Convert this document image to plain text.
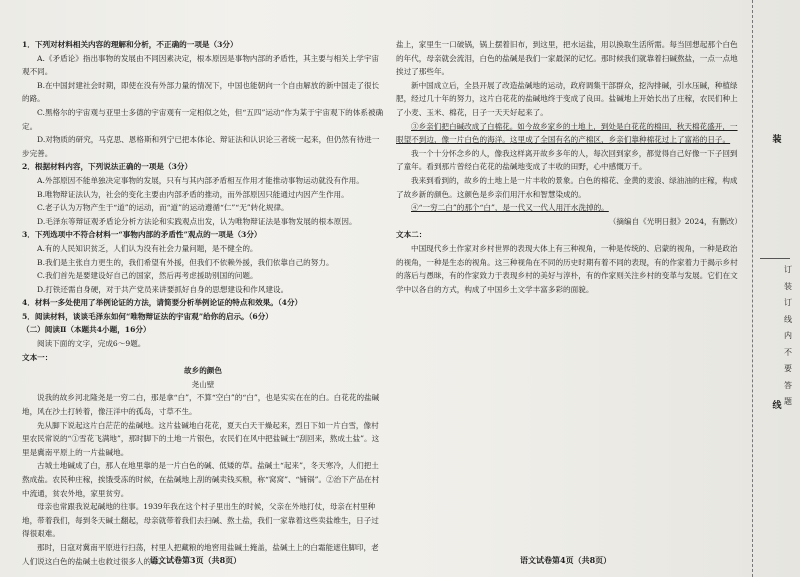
1．下列对材料相关内容的理解和分析，不正确的一项是（3分）

A.《矛盾论》指出事物的发展由不同因素决定，根本原因是事物内部的矛盾性，其主要与相关上学宇宙观不同。

B.在中国封建社会时期，即使在没有外部力量的情况下，中国也能朝向一个自由解放的新中国走了很长的路。

C.黑格尔的宇宙观与亚里士多德的宇宙观有一定相似之处，但“五四”运动“作为某于宇宙观下的体系被确定。

D.对物质的研究，马克思、恩格斯和列宁已把本体论、辩证法和认识论三者统一起来，但仍然有待进一步完善。

2．根据材料内容，下列说法正确的一项是（3分）

A.外部原因不能单独决定事物的发展，只有与其内部矛盾相互作用才能推动事物运动就没有作用。

B.唯物辩证法认为，社会的变化主要由内部矛盾的推动，而外部原因只能通过内因产生作用。

C.老子认为万物产生于“道”的运动，而“道”的运动遵循“仁”“无”转化规律。

D.毛泽东等辩证观矛盾论分析方法论和实践观点出发，认为唯物辩证法是事物发展的根本原因。

3．下列选项中不符合材料一“事物内部的矛盾性”观点的一项是（3分）

A.有的人民知识贫乏，人们认为没有社会力量问题，是不健全的。

B.我们是主张自力更生的，我们希望有外援，但我们不依赖外援，我们依靠自己的努力。

C.我们首先是要建设好自己的国家，然后再考虑援助别国的问题。

D.打铁还需自身硬，对于共产党员来讲要抓好自身的思想建设和作风建设。

4．材料一多处使用了举例论证的方法，请简要分析举例论证的特点和效果。（4分）

5．阅读材料，谈谈毛泽东如何“唯物辩证法的宇宙观”给你的启示。（6分）

（二）阅读Ⅱ（本题共4小题，16分）

阅读下面的文字，完成6～9题。

文本一：

故乡的颜色

尧山壁

说我的故乡河北隆尧是一穷二白，那是拿“白”，不算“空白”的“白”，也是实实在在的白。白花花的盐碱地，风在沙土打转着，像汪洋中的孤岛，寸草不生。

先从脚下说起这片白茫茫的盐碱地。这片盐碱地白花花，夏天白天干燥起来，烈日下如一片白雪，像村里农民常说的“①雪花飞满地”，那时脚下的土地一片银色，农民们在风中把盐碱土“刮回来，熬成土盐”。这里是冀南平原上的一片盐碱地。

古城土地碱成了白，那人在地里靠的是一片白色的碱、低矮的草。盐碱土“起来”，冬天寒冷，人们把土熬成盐。农民种庄稼，挨饿受冻的时候，在盐碱地上刮的碱卖钱买粮，称“窝窝”、“铺锅”。②治下产品在村中流通，贫农外地，家里贫穷。

母亲也常跟我说起碱地的往事。1939年我在这个村子里出生的时候，父亲在外地打仗，母亲在村里种地，带着我们，每到冬天碱土翻起，母亲就带着我们去扫碱、熬土盐，我们一家靠着这些卖盐维生，日子过得很艰难。

那时，日寇对冀南平原进行扫荡，村里人把藏粮的地窖用盐碱土掩盖，盐碱土上的白霜能遮住脚印，老人们说这白色的盐碱土也救过很多人的命。

语文试卷第3页（共8页）

盐上，家里生一口破锅，锅上摆着旧布，到这里，把水运盐，用以换取生活所需。每当回想起那个白色的年代，母亲就会流泪，白色的盐碱是我们一家最深的记忆。那时候我们就靠着扫碱熬盐，一点一点地挨过了那些年。

新中国成立后，全县开展了改造盐碱地的运动，政府调集干部群众，挖沟排碱，引水压碱，种植绿肥，经过几十年的努力，这片白花花的盐碱地终于变成了良田。盐碱地上开始长出了庄稼，农民们种上了小麦、玉米、棉花，日子一天天好起来了。

③乡亲们把白碱改成了白棉花。如今故乡家乡的土地上，到处是白花花的棉田，秋天棉花盛开，一眼望不到边，像一片白色的海洋。这里成了全国有名的产棉区，乡亲们靠种棉花过上了富裕的日子。

我一个十分怀念乡的人，像我这样离开故乡多年的人，每次回到家乡，都觉得自己好像一下子回到了童年。看到那片曾经白花花的盐碱地变成了丰收的田野，心中感慨万千。

我来到看到的，故乡的土地上是一片丰收的景象。白色的棉花、金黄的麦浪、绿油油的庄稼，构成了故乡新的颜色。这颜色是乡亲们用汗水和智慧染成的。

④“一穷二白”的那个“白”，是一代又一代人用汗水洗掉的。

（摘编自《光明日报》2024，有删改）

文本二：

中国现代乡土作家对乡村世界的表现大体上有三种视角，一种是传统的、启蒙的视角，一种是政治的视角，一种是生态的视角。这三种视角在不同的历史时期有着不同的表现，有的作家着力于揭示乡村的落后与愚昧，有的作家致力于表现乡村的美好与淳朴，有的作家则关注乡村的变革与发展。它们在文学中以各自的方式，构成了中国乡土文学丰富多彩的面貌。

语文试卷第4页（共8页）
装
订
装
订
线
内
不
要
答
题
线
